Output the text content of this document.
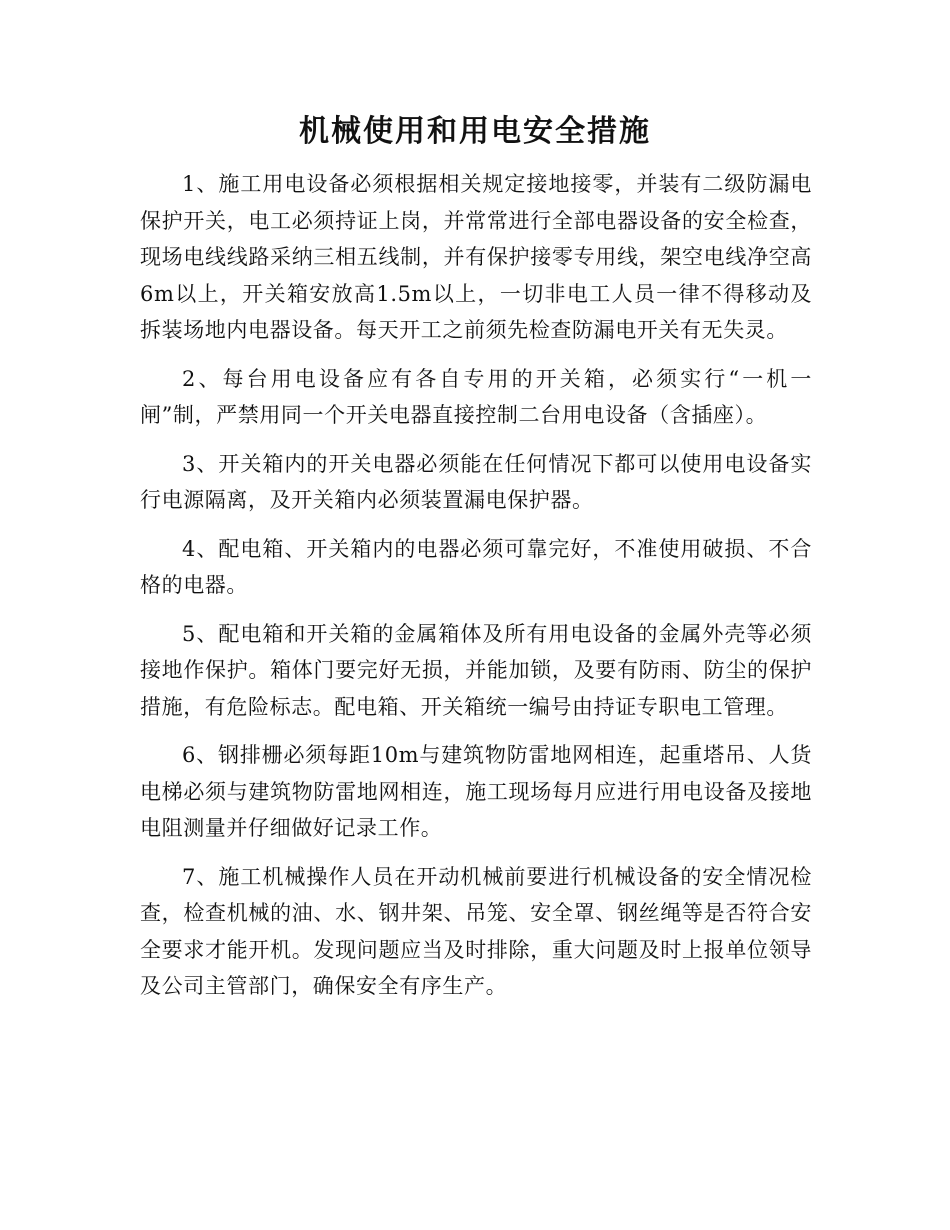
机械使用和用电安全措施

1、施工用电设备必须根据相关规定接地接零，并装有二级防漏电保护开关，电工必须持证上岗，并常常进行全部电器设备的安全检查，现场电线线路采纳三相五线制，并有保护接零专用线，架空电线净空高6m以上，开关箱安放高1.5m以上，一切非电工人员一律不得移动及拆装场地内电器设备。每天开工之前须先检查防漏电开关有无失灵。

2、每台用电设备应有各自专用的开关箱，必须实行“一机一闸”制，严禁用同一个开关电器直接控制二台用电设备（含插座）。

3、开关箱内的开关电器必须能在任何情况下都可以使用电设备实行电源隔离，及开关箱内必须装置漏电保护器。

4、配电箱、开关箱内的电器必须可靠完好，不准使用破损、不合格的电器。

5、配电箱和开关箱的金属箱体及所有用电设备的金属外壳等必须接地作保护。箱体门要完好无损，并能加锁，及要有防雨、防尘的保护措施，有危险标志。配电箱、开关箱统一编号由持证专职电工管理。

6、钢排栅必须每距10m与建筑物防雷地网相连，起重塔吊、人货电梯必须与建筑物防雷地网相连，施工现场每月应进行用电设备及接地电阻测量并仔细做好记录工作。

7、施工机械操作人员在开动机械前要进行机械设备的安全情况检查，检查机械的油、水、钢井架、吊笼、安全罩、钢丝绳等是否符合安全要求才能开机。发现问题应当及时排除，重大问题及时上报单位领导及公司主管部门，确保安全有序生产。
